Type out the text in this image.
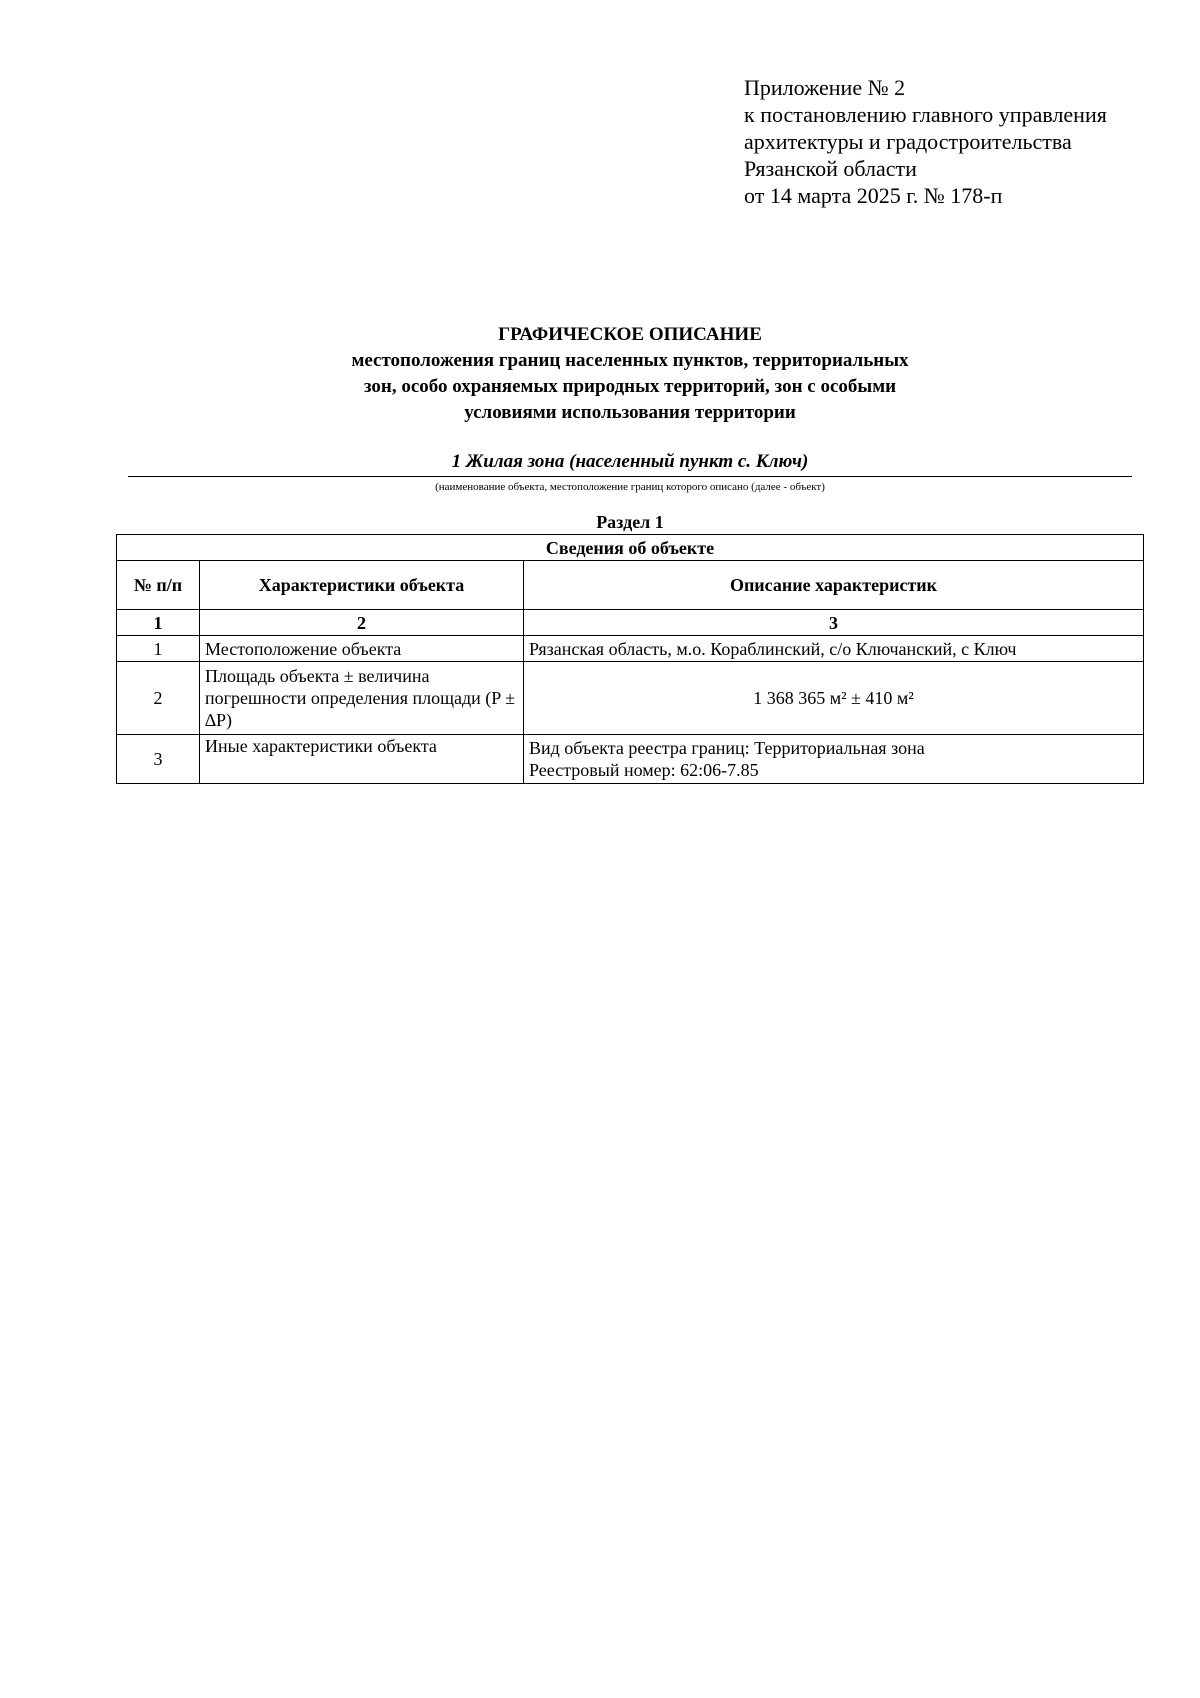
Приложение № 2
к постановлению главного управления
архитектуры и градостроительства
Рязанской области
от 14 марта 2025 г. № 178-п
ГРАФИЧЕСКОЕ ОПИСАНИЕ
местоположения границ населенных пунктов, территориальных
зон, особо охраняемых природных территорий, зон с особыми
условиями использования территории
1 Жилая зона (населенный пункт с. Ключ)
(наименование объекта, местоположение границ которого описано (далее - объект)
Раздел 1
Сведения об объекте		

№ п/п	Характеристики объекта	Описание характеристик
1	2	3
1	Местоположение объекта	Рязанская область, м.о. Кораблинский, с/о Ключанский, с Ключ
2	Площадь объекта ± величина погрешности определения площади (P ± ∆P)	1 368 365 м² ± 410 м²
3	Иные характеристики объекта	Вид объекта реестра границ: Территориальная зона
Реестровый номер: 62:06-7.85
